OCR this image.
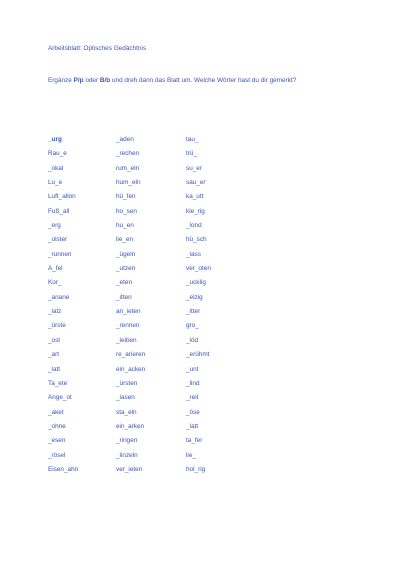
Arbeitsblatt: Optisches Gedächtnis
Ergänze P/p oder B/b und dreh dann das Blatt um. Welche Wörter hast du dir gemerkt?
_urg
Rau_e
_okal
Lu_e
Luft_allon
Fuß_all
_erg
_olster
_runnen
A_fel
Kor_
_anane
_latz
_ürste
_ost
_art
_latt
Ta_ete
Ange_ot
_aket
_ohne
_esen
_rösel
Eisen_ahn
_aden
_rechen
rum_eln
hum_eln
hü_fen
ho_sen
hu_en
lie_en
_ügeln
_utzen
_eten
_itten
an_ieten
_rennen
_leiben
re_arieren
ein_acken
_ürsten
_lasen
sta_eln
ein_arken
_ringen
_linzeln
ver_ieten
tau_
trü_
su_er
sau_er
ka_utt
kle_rig
_lond
hü_sch
_lass
ver_oten
_ucklig
_elzig
_itter
gro_
_löd
_erühmt
_unt
_lind
_reit
_öse
_latt
ta_fer
lie_
hol_rig
